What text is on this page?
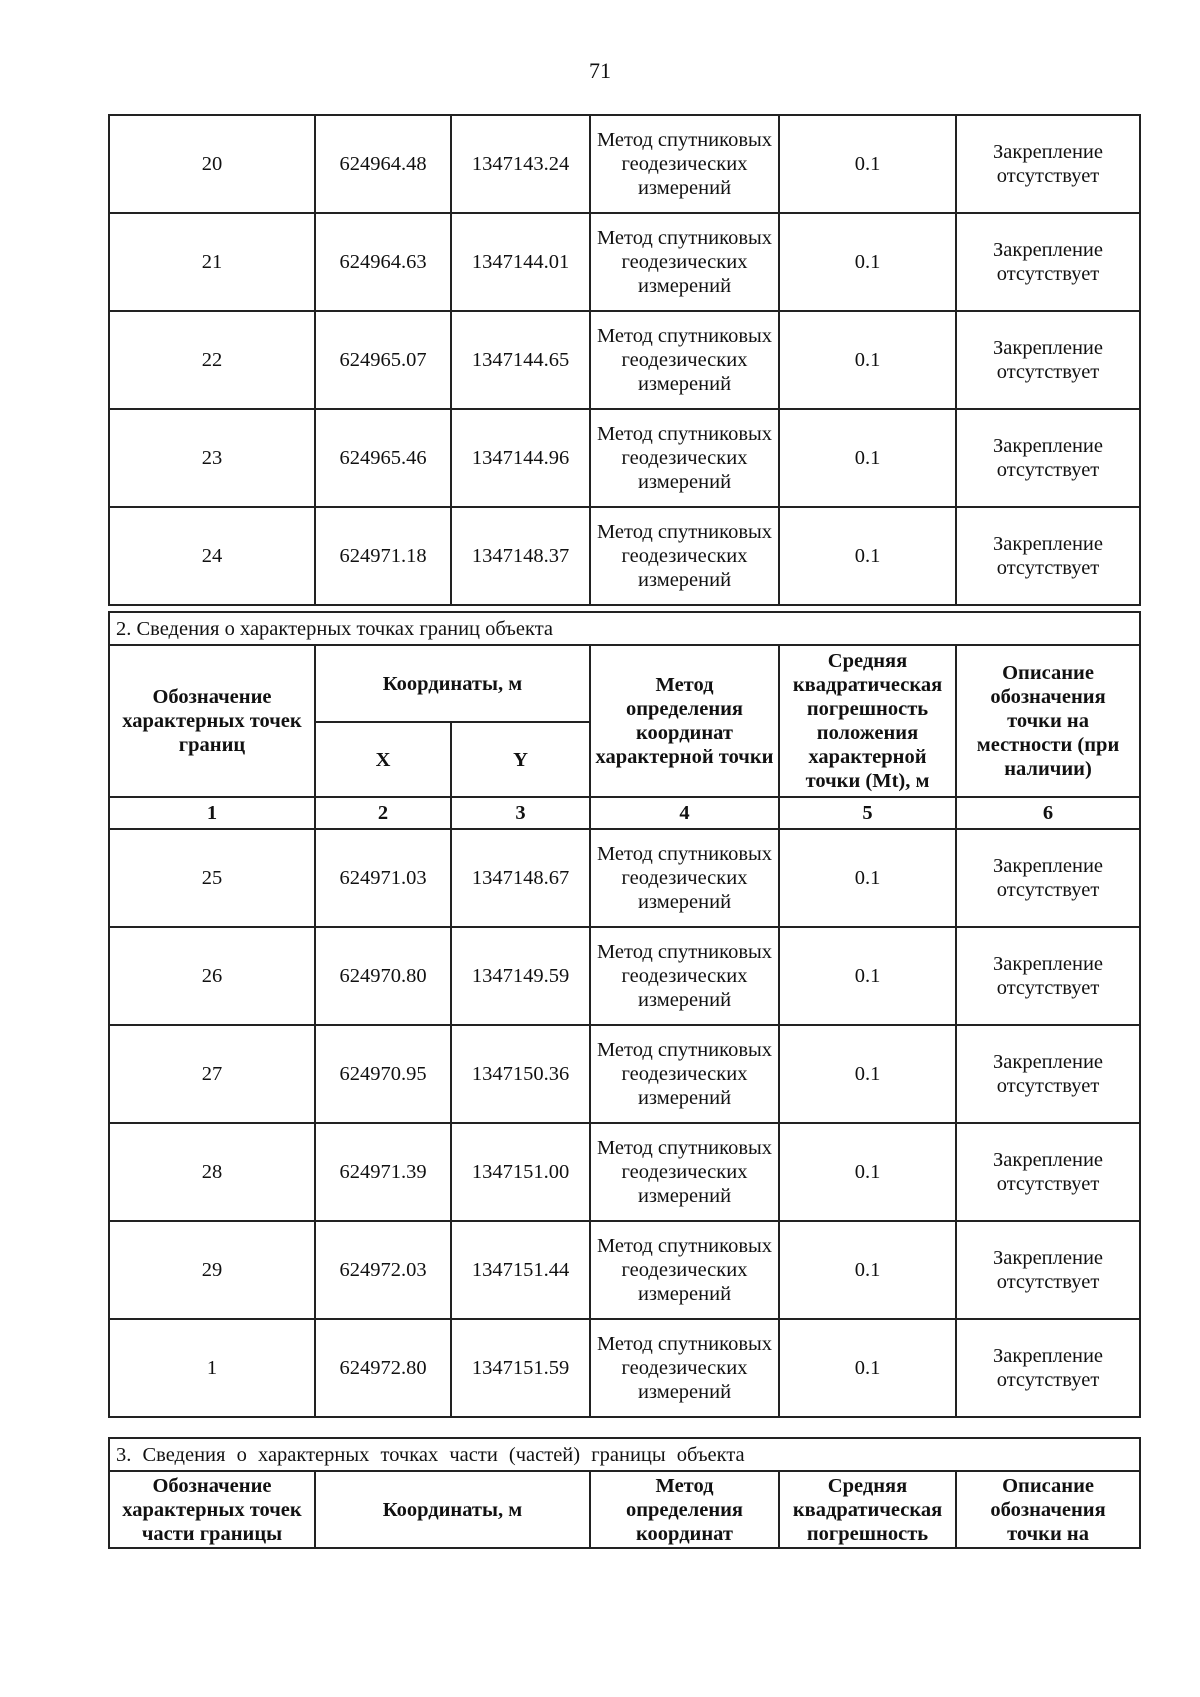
71
20	624964.48	1347143.24	Метод спутниковых геодезических измерений	0.1	Закрепление отсутствует
21	624964.63	1347144.01	Метод спутниковых геодезических измерений	0.1	Закрепление отсутствует
22	624965.07	1347144.65	Метод спутниковых геодезических измерений	0.1	Закрепление отсутствует
23	624965.46	1347144.96	Метод спутниковых геодезических измерений	0.1	Закрепление отсутствует
24	624971.18	1347148.37	Метод спутниковых геодезических измерений	0.1	Закрепление отсутствует
2. Сведения о характерных точках границ объекта					
Обозначение характерных точек границ	Координаты, м		Метод определения координат характерной точки	Средняя квадратическая погрешность положения характерной точки (Mt), м	Описание обозначения точки на местности (при наличии)
	X	Y			
1	2	3	4	5	6
25	624971.03	1347148.67	Метод спутниковых геодезических измерений	0.1	Закрепление отсутствует
26	624970.80	1347149.59	Метод спутниковых геодезических измерений	0.1	Закрепление отсутствует
27	624970.95	1347150.36	Метод спутниковых геодезических измерений	0.1	Закрепление отсутствует
28	624971.39	1347151.00	Метод спутниковых геодезических измерений	0.1	Закрепление отсутствует
29	624972.03	1347151.44	Метод спутниковых геодезических измерений	0.1	Закрепление отсутствует
1	624972.80	1347151.59	Метод спутниковых геодезических измерений	0.1	Закрепление отсутствует
3. Сведения о характерных точках части (частей) границы объекта
Обозначение характерных точек части границы	Координаты, м	Метод определения координат	Средняя квадратическая погрешность	Описание обозначения точки на
